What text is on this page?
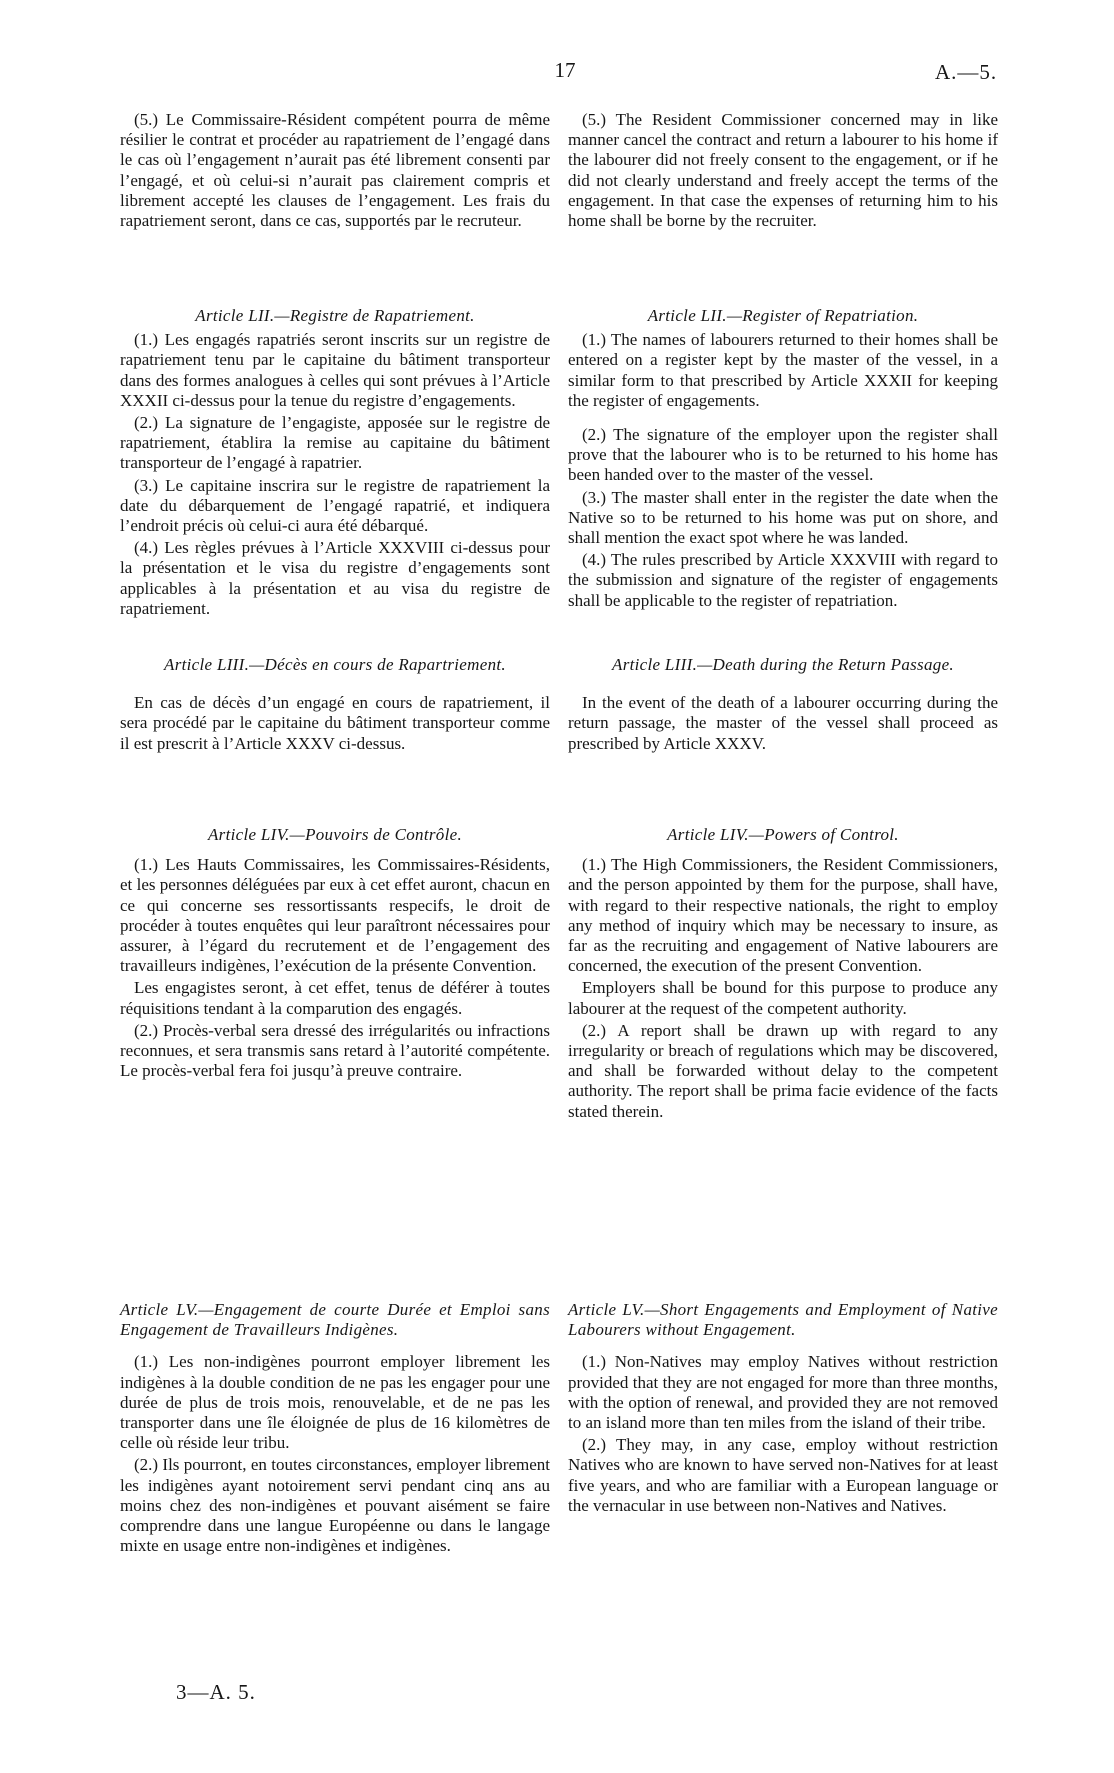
17	A.—5.

(5.) Le Commissaire-Résident compétent pourra de même résilier le contrat et procéder au rapatriement de l’engagé dans le cas où l’engagement n’aurait pas été librement consenti par l’engagé, et où celui-si n’aurait pas clairement compris et librement accepté les clauses de l’engagement. Les frais du rapatriement seront, dans ce cas, supportés par le recruteur.

Article LII.—Registre de Rapatriement.

(1.) Les engagés rapatriés seront inscrits sur un registre de rapatriement tenu par le capitaine du bâtiment transporteur dans des formes analogues à celles qui sont prévues à l’Article XXXII ci-dessus pour la tenue du registre d’engagements.

(2.) La signature de l’engagiste, apposée sur le registre de rapatriement, établira la remise au capitaine du bâtiment transporteur de l’engagé à rapatrier.

(3.) Le capitaine inscrira sur le registre de rapatriement la date du débarquement de l’engagé rapatrié, et indiquera l’endroit précis où celui-ci aura été débarqué.

(4.) Les règles prévues à l’Article XXXVIII ci-dessus pour la présentation et le visa du registre d’engagements sont applicables à la présentation et au visa du registre de rapatriement.

Article LIII.—Décès en cours de Rapartriement.

En cas de décès d’un engagé en cours de rapatriement, il sera procédé par le capitaine du bâtiment transporteur comme il est prescrit à l’Article XXXV ci-dessus.

Article LIV.—Pouvoirs de Contrôle.

(1.) Les Hauts Commissaires, les Commissaires-Résidents, et les personnes déléguées par eux à cet effet auront, chacun en ce qui concerne ses ressortissants respecifs, le droit de procéder à toutes enquêtes qui leur paraîtront nécessaires pour assurer, à l’égard du recrutement et de l’engagement des travailleurs indigènes, l’exécution de la présente Convention.

Les engagistes seront, à cet effet, tenus de déférer à toutes réquisitions tendant à la comparution des engagés.

(2.) Procès-verbal sera dressé des irrégularités ou infractions reconnues, et sera transmis sans retard à l’autorité compétente. Le procès-verbal fera foi jusqu’à preuve contraire.

Article LV.—Engagement de courte Durée et Emploi sans Engagement de Travailleurs Indigènes.

(1.) Les non-indigènes pourront employer librement les indigènes à la double condition de ne pas les engager pour une durée de plus de trois mois, renouvelable, et de ne pas les transporter dans une île éloignée de plus de 16 kilomètres de celle où réside leur tribu.

(2.) Ils pourront, en toutes circonstances, employer librement les indigènes ayant notoirement servi pendant cinq ans au moins chez des non-indigènes et pouvant aisément se faire comprendre dans une langue Européenne ou dans le langage mixte en usage entre non-indigènes et indigènes.

(5.) The Resident Commissioner concerned may in like manner cancel the contract and return a labourer to his home if the labourer did not freely consent to the engagement, or if he did not clearly understand and freely accept the terms of the engagement. In that case the expenses of returning him to his home shall be borne by the recruiter.

Article LII.—Register of Repatriation.

(1.) The names of labourers returned to their homes shall be entered on a register kept by the master of the vessel, in a similar form to that prescribed by Article XXXII for keeping the register of engagements.

(2.) The signature of the employer upon the register shall prove that the labourer who is to be returned to his home has been handed over to the master of the vessel.

(3.) The master shall enter in the register the date when the Native so to be returned to his home was put on shore, and shall mention the exact spot where he was landed.

(4.) The rules prescribed by Article XXXVIII with regard to the submission and signature of the register of engagements shall be applicable to the register of repatriation.

Article LIII.—Death during the Return Passage.

In the event of the death of a labourer occurring during the return passage, the master of the vessel shall proceed as prescribed by Article XXXV.

Article LIV.—Powers of Control.

(1.) The High Commissioners, the Resident Commissioners, and the person appointed by them for the purpose, shall have, with regard to their respective nationals, the right to employ any method of inquiry which may be necessary to insure, as far as the recruiting and engagement of Native labourers are concerned, the execution of the present Convention.

Employers shall be bound for this purpose to produce any labourer at the request of the competent authority.

(2.) A report shall be drawn up with regard to any irregularity or breach of regulations which may be discovered, and shall be forwarded without delay to the competent authority. The report shall be prima facie evidence of the facts stated therein.

Article LV.—Short Engagements and Employment of Native Labourers without Engagement.

(1.) Non-Natives may employ Natives without restriction provided that they are not engaged for more than three months, with the option of renewal, and provided they are not removed to an island more than ten miles from the island of their tribe.

(2.) They may, in any case, employ without restriction Natives who are known to have served non-Natives for at least five years, and who are familiar with a European language or the vernacular in use between non-Natives and Natives.

3—A. 5.
